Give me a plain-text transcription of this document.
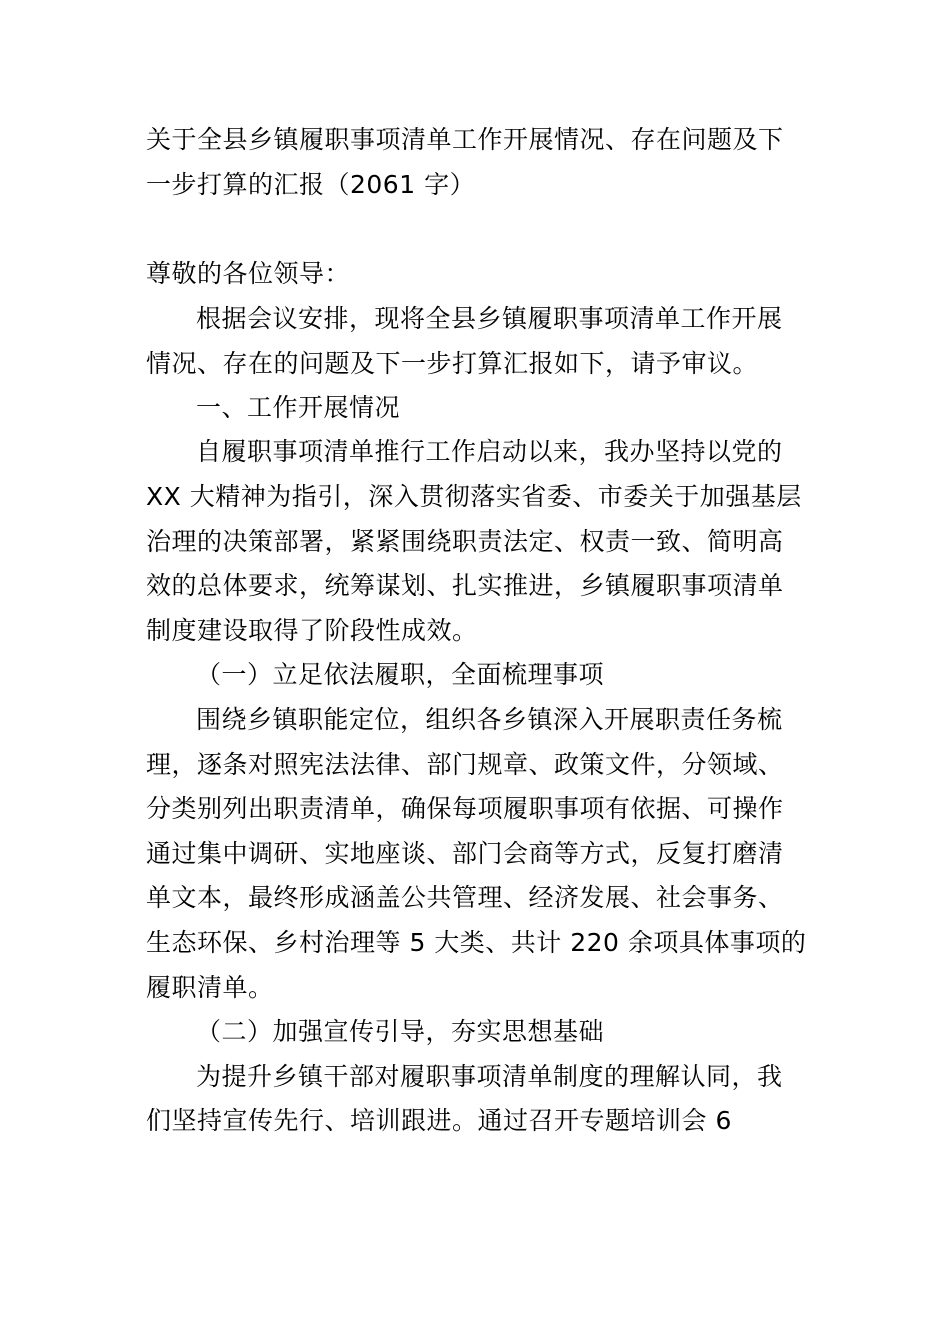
关于全县乡镇履职事项清单工作开展情况、存在问题及下
一步打算的汇报（2061 字）
尊敬的各位领导：
根据会议安排，现将全县乡镇履职事项清单工作开展
情况、存在的问题及下一步打算汇报如下，请予审议。
一、工作开展情况
自履职事项清单推行工作启动以来，我办坚持以党的
XX 大精神为指引，深入贯彻落实省委、市委关于加强基层
治理的决策部署，紧紧围绕职责法定、权责一致、简明高
效的总体要求，统筹谋划、扎实推进，乡镇履职事项清单
制度建设取得了阶段性成效。
（一）立足依法履职，全面梳理事项
围绕乡镇职能定位，组织各乡镇深入开展职责任务梳
理，逐条对照宪法法律、部门规章、政策文件，分领域、
分类别列出职责清单，确保每项履职事项有依据、可操作
通过集中调研、实地座谈、部门会商等方式，反复打磨清
单文本，最终形成涵盖公共管理、经济发展、社会事务、
生态环保、乡村治理等 5 大类、共计 220 余项具体事项的
履职清单。
（二）加强宣传引导，夯实思想基础
为提升乡镇干部对履职事项清单制度的理解认同，我
们坚持宣传先行、培训跟进。通过召开专题培训会 6
